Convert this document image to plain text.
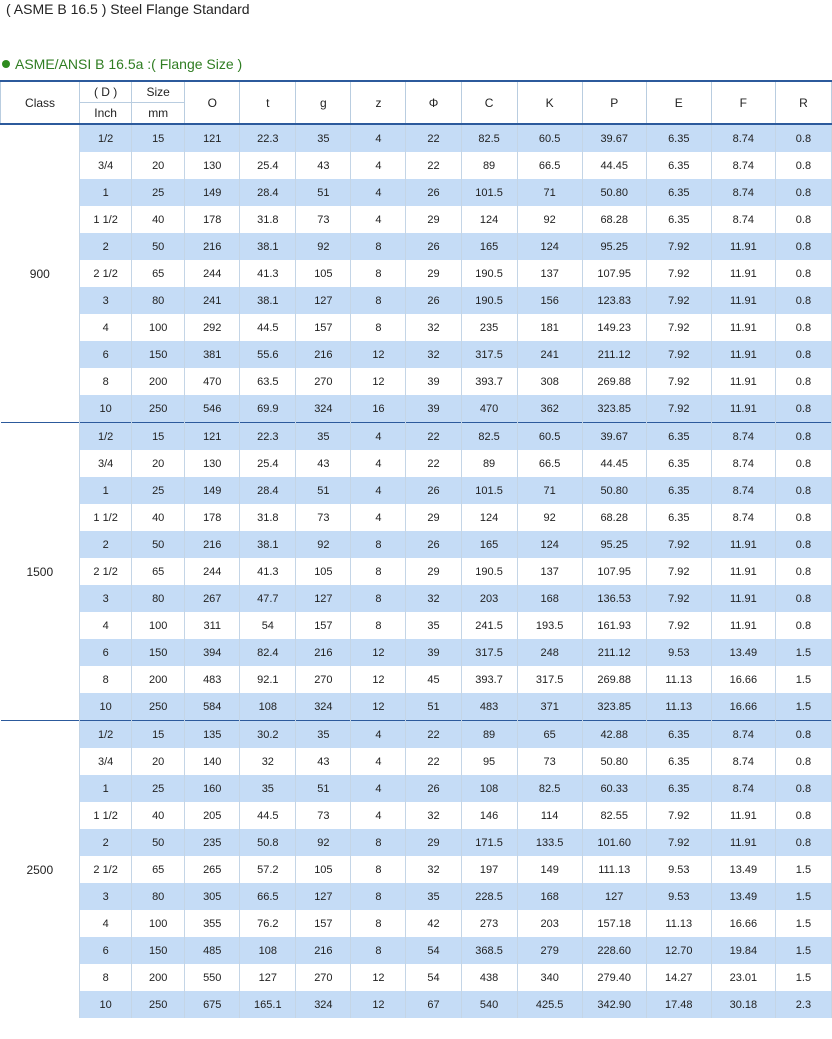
( ASME B 16.5 ) Steel Flange Standard
ASME/ANSI B 16.5a :( Flange Size )
Class	( D )	Size	O	t	g	z	Φ	C	K	P	E	F	R
	Inch	mm											
900	1/2	15	121	22.3	35	4	22	82.5	60.5	39.67	6.35	8.74	0.8
	3/4	20	130	25.4	43	4	22	89	66.5	44.45	6.35	8.74	0.8
	1	25	149	28.4	51	4	26	101.5	71	50.80	6.35	8.74	0.8
	1 1/2	40	178	31.8	73	4	29	124	92	68.28	6.35	8.74	0.8
	2	50	216	38.1	92	8	26	165	124	95.25	7.92	11.91	0.8
	2 1/2	65	244	41.3	105	8	29	190.5	137	107.95	7.92	11.91	0.8
	3	80	241	38.1	127	8	26	190.5	156	123.83	7.92	11.91	0.8
	4	100	292	44.5	157	8	32	235	181	149.23	7.92	11.91	0.8
	6	150	381	55.6	216	12	32	317.5	241	211.12	7.92	11.91	0.8
	8	200	470	63.5	270	12	39	393.7	308	269.88	7.92	11.91	0.8
	10	250	546	69.9	324	16	39	470	362	323.85	7.92	11.91	0.8
1500	1/2	15	121	22.3	35	4	22	82.5	60.5	39.67	6.35	8.74	0.8
	3/4	20	130	25.4	43	4	22	89	66.5	44.45	6.35	8.74	0.8
	1	25	149	28.4	51	4	26	101.5	71	50.80	6.35	8.74	0.8
	1 1/2	40	178	31.8	73	4	29	124	92	68.28	6.35	8.74	0.8
	2	50	216	38.1	92	8	26	165	124	95.25	7.92	11.91	0.8
	2 1/2	65	244	41.3	105	8	29	190.5	137	107.95	7.92	11.91	0.8
	3	80	267	47.7	127	8	32	203	168	136.53	7.92	11.91	0.8
	4	100	311	54	157	8	35	241.5	193.5	161.93	7.92	11.91	0.8
	6	150	394	82.4	216	12	39	317.5	248	211.12	9.53	13.49	1.5
	8	200	483	92.1	270	12	45	393.7	317.5	269.88	11.13	16.66	1.5
	10	250	584	108	324	12	51	483	371	323.85	11.13	16.66	1.5
2500	1/2	15	135	30.2	35	4	22	89	65	42.88	6.35	8.74	0.8
	3/4	20	140	32	43	4	22	95	73	50.80	6.35	8.74	0.8
	1	25	160	35	51	4	26	108	82.5	60.33	6.35	8.74	0.8
	1 1/2	40	205	44.5	73	4	32	146	114	82.55	7.92	11.91	0.8
	2	50	235	50.8	92	8	29	171.5	133.5	101.60	7.92	11.91	0.8
	2 1/2	65	265	57.2	105	8	32	197	149	111.13	9.53	13.49	1.5
	3	80	305	66.5	127	8	35	228.5	168	127	9.53	13.49	1.5
	4	100	355	76.2	157	8	42	273	203	157.18	11.13	16.66	1.5
	6	150	485	108	216	8	54	368.5	279	228.60	12.70	19.84	1.5
	8	200	550	127	270	12	54	438	340	279.40	14.27	23.01	1.5
	10	250	675	165.1	324	12	67	540	425.5	342.90	17.48	30.18	2.3
